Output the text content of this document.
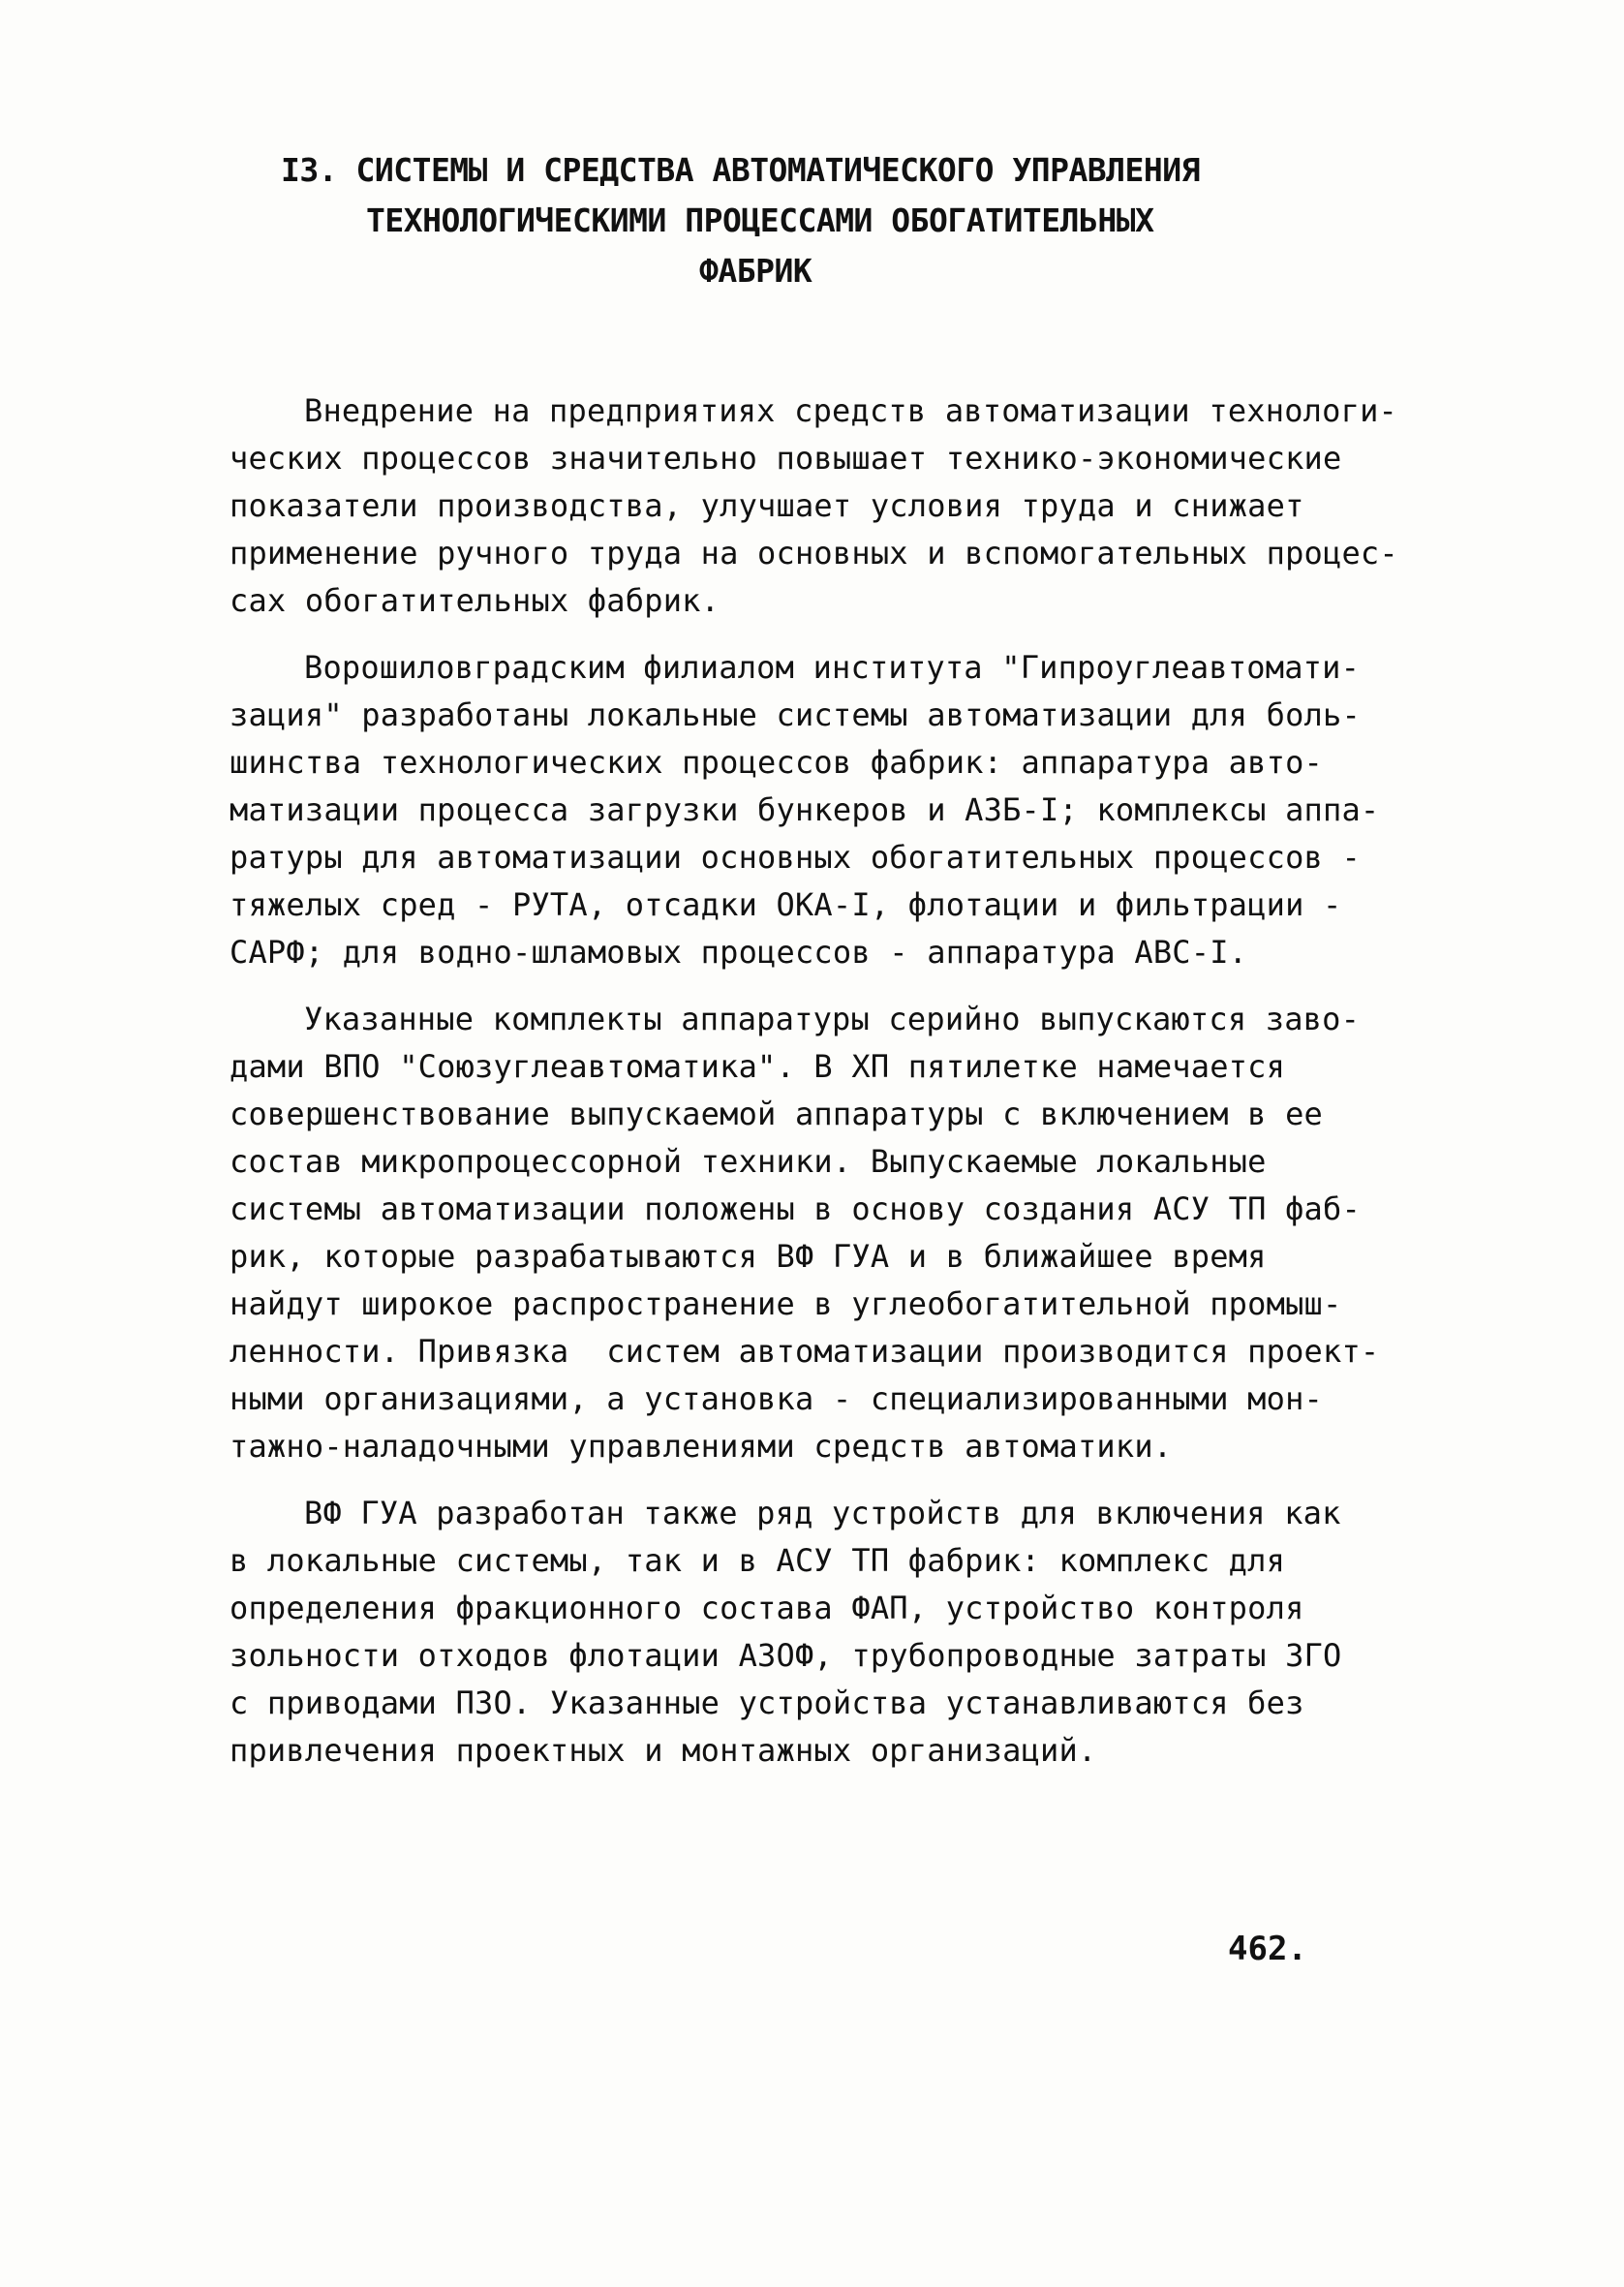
I3. СИСТЕМЫ И СРЕДСТВА АВТОМАТИЧЕСКОГО УПРАВЛЕНИЯ
ТЕХНОЛОГИЧЕСКИМИ ПРОЦЕССАМИ ОБОГАТИТЕЛЬНЫХ
ФАБРИК

Внедрение на предприятиях средств автоматизации технологи-
ческих процессов значительно повышает технико-экономические
показатели производства, улучшает условия труда и снижает
применение ручного труда на основных и вспомогательных процес-
сах обогатительных фабрик.

Ворошиловградским филиалом института "Гипроуглеавтомати-
зация" разработаны локальные системы автоматизации для боль-
шинства технологических процессов фабрик: аппаратура авто-
матизации процесса загрузки бункеров и АЗБ-I; комплексы аппа-
ратуры для автоматизации основных обогатительных процессов -
тяжелых сред - РУТА, отсадки ОКА-I, флотации и фильтрации -
САРФ; для водно-шламовых процессов - аппаратура АВС-I.

Указанные комплекты аппаратуры серийно выпускаются заво-
дами ВПО "Союзуглеавтоматика". В XП пятилетке намечается
совершенствование выпускаемой аппаратуры с включением в ее
состав микропроцессорной техники. Выпускаемые локальные
системы автоматизации положены в основу создания АСУ ТП фаб-
рик, которые разрабатываются ВФ ГУА и в ближайшее время
найдут широкое распространение в углеобогатительной промыш-
ленности. Привязка  систем автоматизации производится проект-
ными организациями, а установка - специализированными мон-
тажно-наладочными управлениями средств автоматики.

ВФ ГУА разработан также ряд устройств для включения как
в локальные системы, так и в АСУ ТП фабрик: комплекс для
определения фракционного состава ФАП, устройство контроля
зольности отходов флотации АЗОФ, трубопроводные затраты ЗГО
с приводами ПЗО. Указанные устройства устанавливаются без
привлечения проектных и монтажных организаций.

462.
